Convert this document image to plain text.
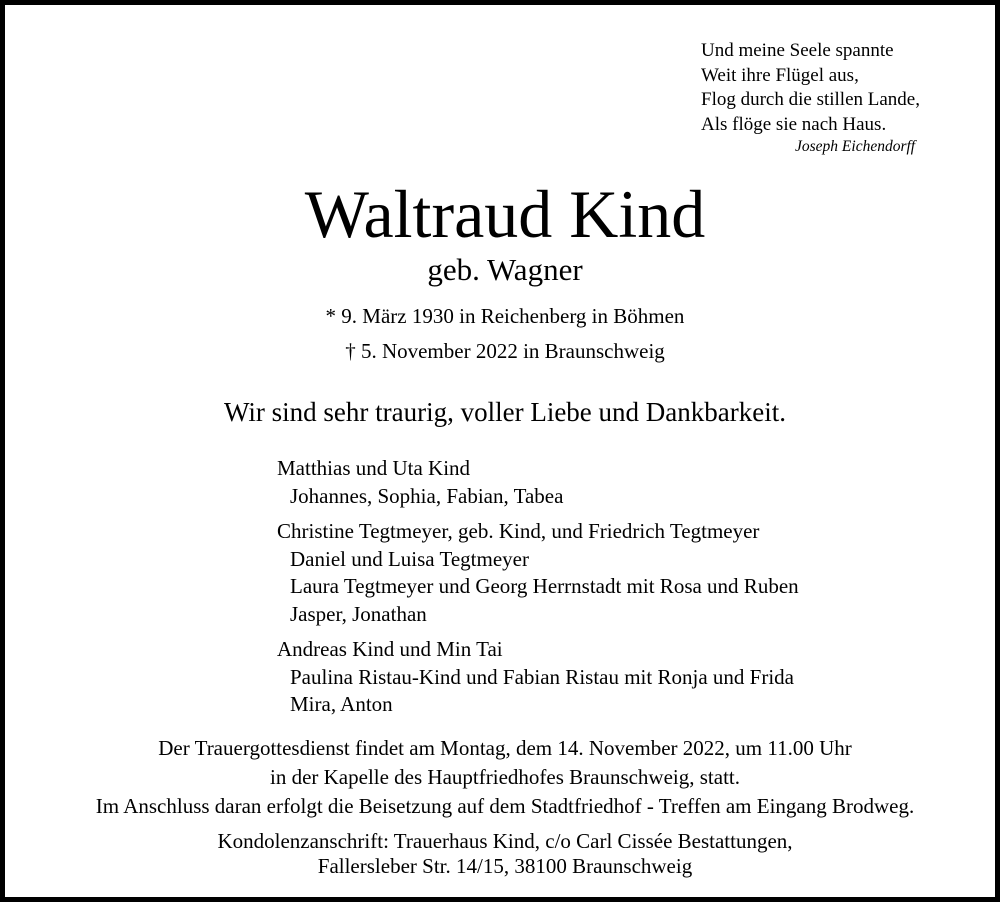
Und meine Seele spannte
Weit ihre Flügel aus,
Flog durch die stillen Lande,
Als flöge sie nach Haus.
Joseph Eichendorff
Waltraud Kind
geb. Wagner
* 9. März 1930 in Reichenberg in Böhmen
† 5. November 2022 in Braunschweig
Wir sind sehr traurig, voller Liebe und Dankbarkeit.
Matthias und Uta Kind
Johannes, Sophia, Fabian, Tabea
Christine Tegtmeyer, geb. Kind, und Friedrich Tegtmeyer
Daniel und Luisa Tegtmeyer
Laura Tegtmeyer und Georg Herrnstadt mit Rosa und Ruben
Jasper, Jonathan
Andreas Kind und Min Tai
Paulina Ristau-Kind und Fabian Ristau mit Ronja und Frida
Mira, Anton
Der Trauergottesdienst findet am Montag, dem 14. November 2022, um 11.00 Uhr
in der Kapelle des Hauptfriedhofes Braunschweig, statt.
Im Anschluss daran erfolgt die Beisetzung auf dem Stadtfriedhof - Treffen am Eingang Brodweg.
Kondolenzanschrift: Trauerhaus Kind, c/o Carl Cissée Bestattungen,
Fallersleber Str. 14/15, 38100 Braunschweig
